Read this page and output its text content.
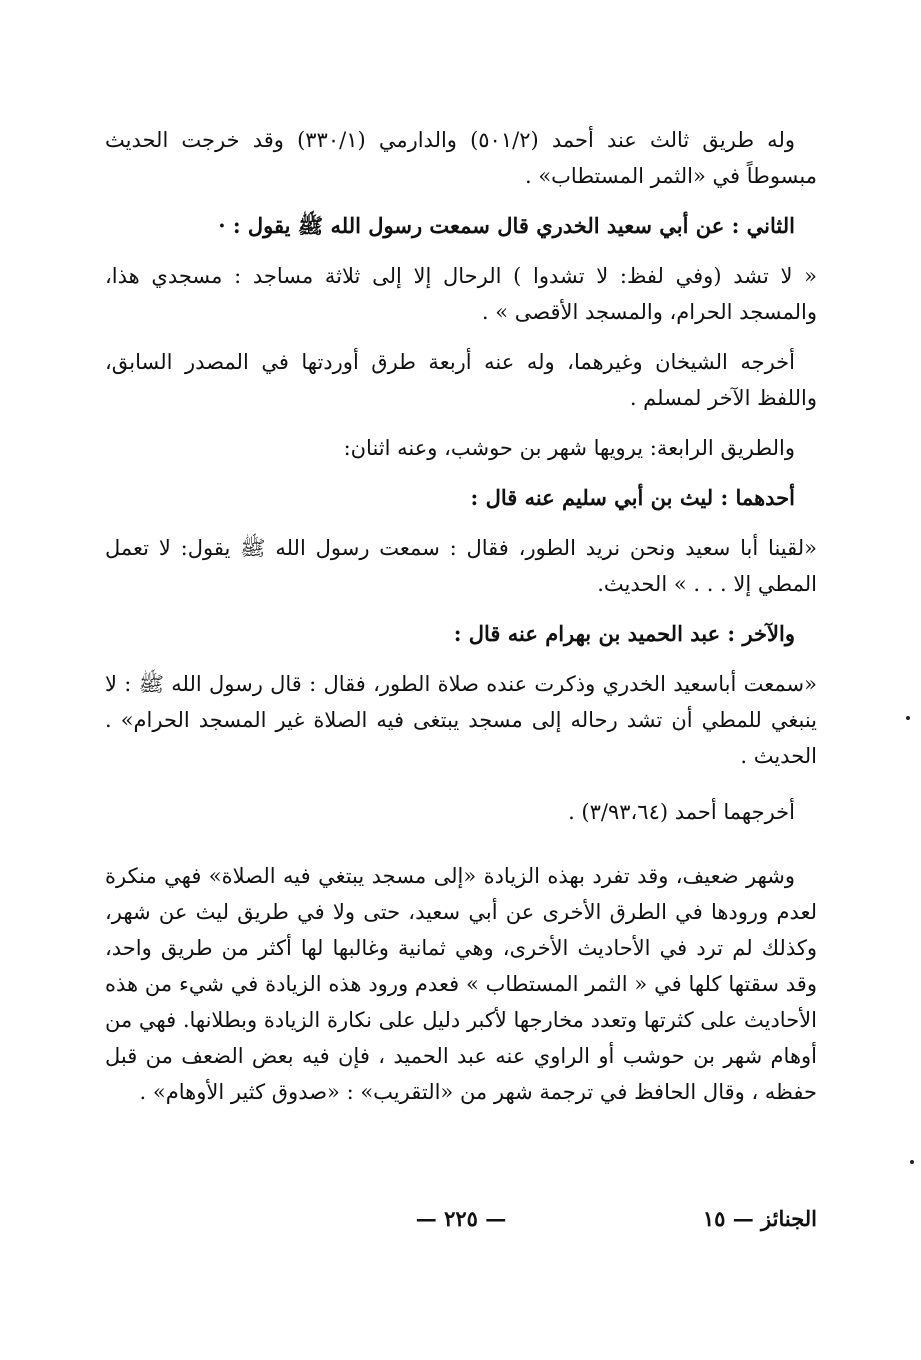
وله طريق ثالث عند أحمد (٥٠١/٢) والدارمي (٣٣٠/١) وقد خرجت الحديث مبسوطاً في «الثمر المستطاب» .

الثاني : عن أبي سعيد الخدري قال سمعت رسول الله ﷺ يقول : ·

« لا تشد (وفي لفظ: لا تشدوا ) الرحال إلا إلى ثلاثة مساجد : مسجدي هذا، والمسجد الحرام، والمسجد الأقصى » .

أخرجه الشيخان وغيرهما، وله عنه أربعة طرق أوردتها في المصدر السابق، واللفظ الآخر لمسلم .

والطريق الرابعة: يرويها شهر بن حوشب، وعنه اثنان:

أحدهما : ليث بن أبي سليم عنه قال :

«لقينا أبا سعيد ونحن نريد الطور، فقال : سمعت رسول الله ﷺ يقول: لا تعمل المطي إلا . . . » الحديث.

والآخر : عبد الحميد بن بهرام عنه قال :

«سمعت أباسعيد الخدري وذكرت عنده صلاة الطور، فقال : قال رسول الله ﷺ : لا ينبغي للمطي أن تشد رحاله إلى مسجد يبتغى فيه الصلاة غير المسجد الحرام» . الحديث .

أخرجهما أحمد (٣/٩٣،٦٤) .

وشهر ضعيف، وقد تفرد بهذه الزيادة «إلى مسجد يبتغي فيه الصلاة» فهي منكرة لعدم ورودها في الطرق الأخرى عن أبي سعيد، حتى ولا في طريق ليث عن شهر، وكذلك لم ترد في الأحاديث الأخرى، وهي ثمانية وغالبها لها أكثر من طريق واحد، وقد سقتها كلها في « الثمر المستطاب » فعدم ورود هذه الزيادة في شيء من هذه الأحاديث على كثرتها وتعدد مخارجها لأكبر دليل على نكارة الزيادة وبطلانها. فهي من أوهام شهر بن حوشب أو الراوي عنه عبد الحميد ، فإن فيه بعض الضعف من قبل حفظه ، وقال الحافظ في ترجمة شهر من «التقريب» : «صدوق كثير الأوهام» .

الجنائز — ١٥
— ٢٢٥ —
